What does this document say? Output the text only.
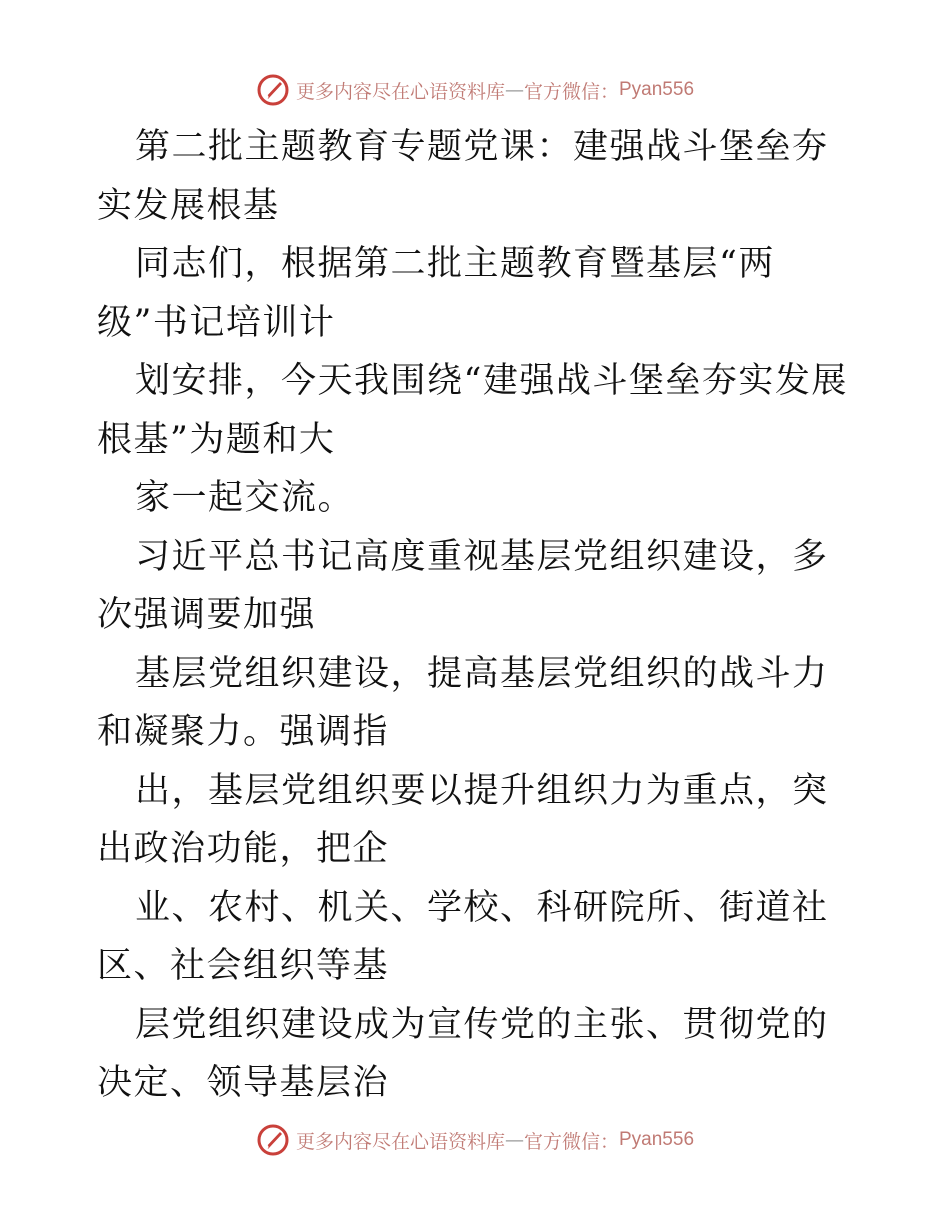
更多内容尽在心语资料库 — 官方微信： Pyan556

第二批主题教育专题党课：建强战斗堡垒夯实发展根基

同志们，根据第二批主题教育暨基层“两级”书记培训计

划安排，今天我围绕“建强战斗堡垒夯实发展根基”为题和大

家一起交流。

习近平总书记高度重视基层党组织建设，多次强调要加强

基层党组织建设，提高基层党组织的战斗力和凝聚力。强调指

出，基层党组织要以提升组织力为重点，突出政治功能，把企

业、农村、机关、学校、科研院所、街道社区、社会组织等基

层党组织建设成为宣传党的主张、贯彻党的决定、领导基层治

更多内容尽在心语资料库 — 官方微信： Pyan556
